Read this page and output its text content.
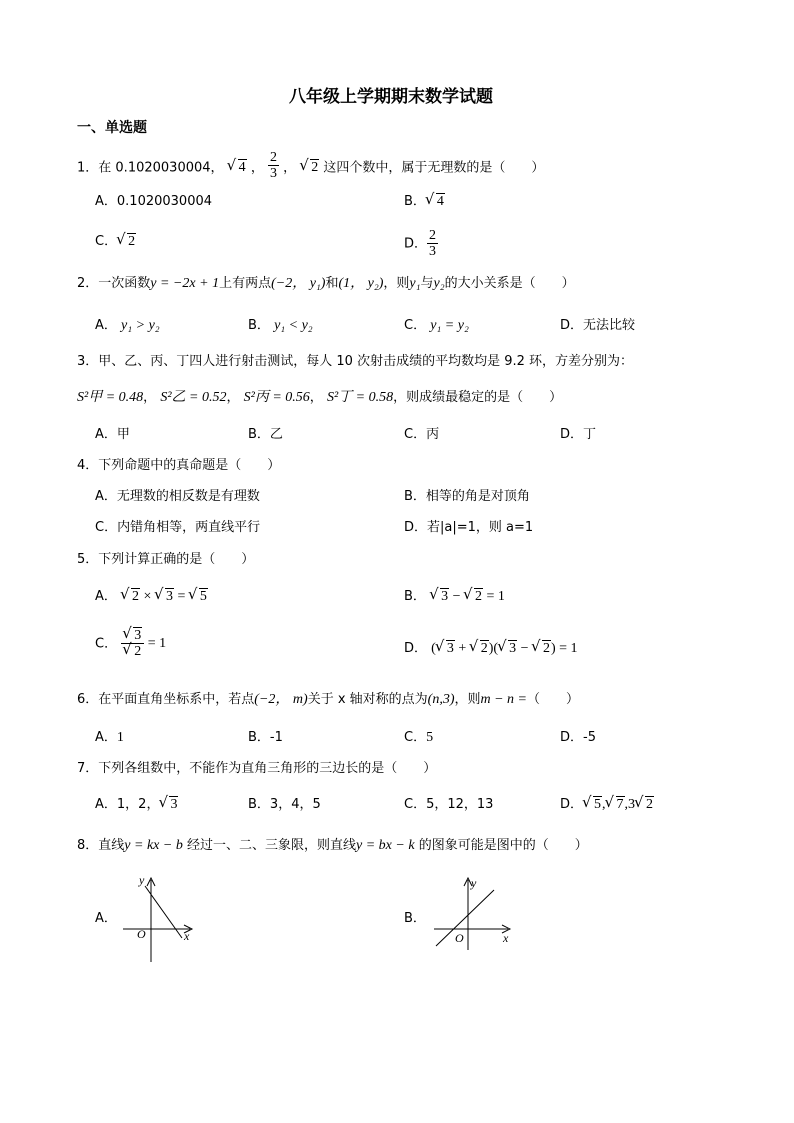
八年级上学期期末数学试题
一、单选题
1．在 0.1020030004， √ 4 ， $\frac{2}{3}$ ， √ 2 这四个数中，属于无理数的是（　　）
A．0.1020030004	B． √ 4
C． √ 2	D． $\frac{2}{3}$
2．一次函数y = −2x + 1上有两点(−2， y₁)和(1， y₂)，则y₁与y₂的大小关系是（　　）
A． y₁ > y₂	B． y₁ < y₂	C． y₁ = y₂	D．无法比较
3．甲、乙、丙、丁四人进行射击测试，每人 10 次射击成绩的平均数均是 9.2 环，方差分别为：
S²甲 = 0.48， S²乙 = 0.52， S²丙 = 0.56， S²丁 = 0.58，则成绩最稳定的是（　　）
A．甲	B．乙	C．丙	D．丁
4．下列命题中的真命题是（　　）
A．无理数的相反数是有理数	B．相等的角是对顶角
C．内错角相等，两直线平行	D．若|a|=1，则 a=1
5．下列计算正确的是（　　）
A． √ 2 × √ 3 = √ 5	B． √ 3 − √ 2 = 1
C． √ 3
√ 2 = 1	D． ( √ 3 + √ 2)( √ 3 − √ 2) = 1
6．在平面直角坐标系中，若点(−2， m)关于 x 轴对称的点为(n,3)，则m − n =（　　）
A．1	B．-1	C．5	D．-5
7．下列各组数中，不能作为直角三角形的三边长的是（　　）
A．1，2， √ 3	B．3，4，5	C．5，12，13	D． √ 5, √ 7,3 √ 2
8．直线y = kx − b 经过一、二、三象限，则直线y = bx − k 的图象可能是图中的（　　）
A．
y
x
O
B．
y
x
O
